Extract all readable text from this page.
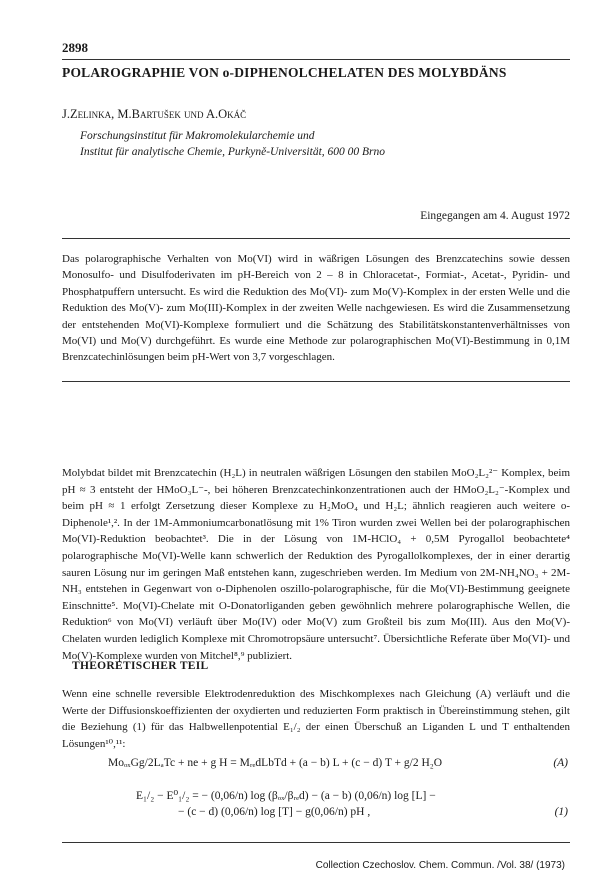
2898
POLAROGRAPHIE VON o-DIPHENOLCHELATEN DES MOLYBDÄNS
J.Zelinka, M.Bartušek und A.Okáč
Forschungsinstitut für Makromolekularchemie und
Institut für analytische Chemie, Purkyně-Universität, 600 00 Brno
Eingegangen am 4. August 1972

Das polarographische Verhalten von Mo(VI) wird in wäßrigen Lösungen des Brenzcatechins sowie dessen Monosulfo- und Disulfoderivaten im pH-Bereich von 2 – 8 in Chloracetat-, Formiat-, Acetat-, Pyridin- und Phosphatpuffern untersucht. Es wird die Reduktion des Mo(VI)- zum Mo(V)-Komplex in der ersten Welle und die Reduktion des Mo(V)- zum Mo(III)-Komplex in der zweiten Welle nachgewiesen. Es wird die Zusammensetzung der entstehenden Mo(VI)-Komplexe formuliert und die Schätzung des Stabilitätskonstantenverhältnisses von Mo(VI) und Mo(V) durchgeführt. Es wurde eine Methode zur polarographischen Mo(VI)-Bestimmung in 0,1M Brenzcatechinlösungen beim pH-Wert von 3,7 vorgeschlagen.

Molybdat bildet mit Brenzcatechin (H₂L) in neutralen wäßrigen Lösungen den stabilen MoO₂L₂²⁻ Komplex, beim pH ≈ 3 entsteht der HMoO₃L⁻-, bei höheren Brenzcatechinkonzentrationen auch der HMoO₂L₂⁻-Komplex und beim pH ≈ 1 erfolgt Zersetzung dieser Komplexe zu H₂MoO₄ und H₂L; ähnlich reagieren auch weitere o-Diphenole¹,². In der 1M-Ammoniumcarbonatlösung mit 1% Tiron wurden zwei Wellen bei der polarographischen Mo(VI)-Reduktion beobachtet³. Die in der Lösung von 1M-HClO₄ + 0,5M Pyrogallol beobachtete⁴ polarographische Mo(VI)-Welle kann schwerlich der Reduktion des Pyrogallolkomplexes, der in einer derartig sauren Lösung nur im geringen Maß entstehen kann, zugeschrieben werden. Im Medium von 2M-NH₄NO₃ + 2M-NH₃ entstehen in Gegenwart von o-Diphenolen oszillo-polarographische, für die Mo(VI)-Bestimmung geeignete Einschnitte⁵. Mo(VI)-Chelate mit O-Donatorliganden geben gewöhnlich mehrere polarographische Wellen, die Reduktion⁶ von Mo(VI) verläuft über Mo(IV) oder Mo(V) zum Großteil bis zum Mo(III). Aus den Mo(V)-Chelaten wurden lediglich Komplexe mit Chromotropsäure untersucht⁷. Übersichtliche Referate über Mo(VI)- und Mo(V)-Komplexe wurden von Mitchel⁸,⁹ publiziert.

THEORETISCHER TEIL

Wenn eine schnelle reversible Elektrodenreduktion des Mischkomplexes nach Gleichung (A) verläuft und die Werte der Diffusionskoeffizienten der oxydierten und reduzierten Form praktisch in Übereinstimmung stehen, gilt die Beziehung (1) für das Halbwellenpotential E₁/₂ der einen Überschuß an Liganden L und T enthaltenden Lösungen¹⁰,¹¹:

MoₒₓGg/2LₐTc + ne + g H = MᵣₑdLbTd + (a − b) L + (c − d) T + g/2 H₂O	(A)
E₁/₂ − E⁰₁/₂ = − (0,06/n) log (βₒₓ/βᵣₑd) − (a − b) (0,06/n) log [L] −
− (c − d) (0,06/n) log [T] − g(0,06/n) pH ,	(1)
Collection Czechoslov. Chem. Commun. /Vol. 38/ (1973)
